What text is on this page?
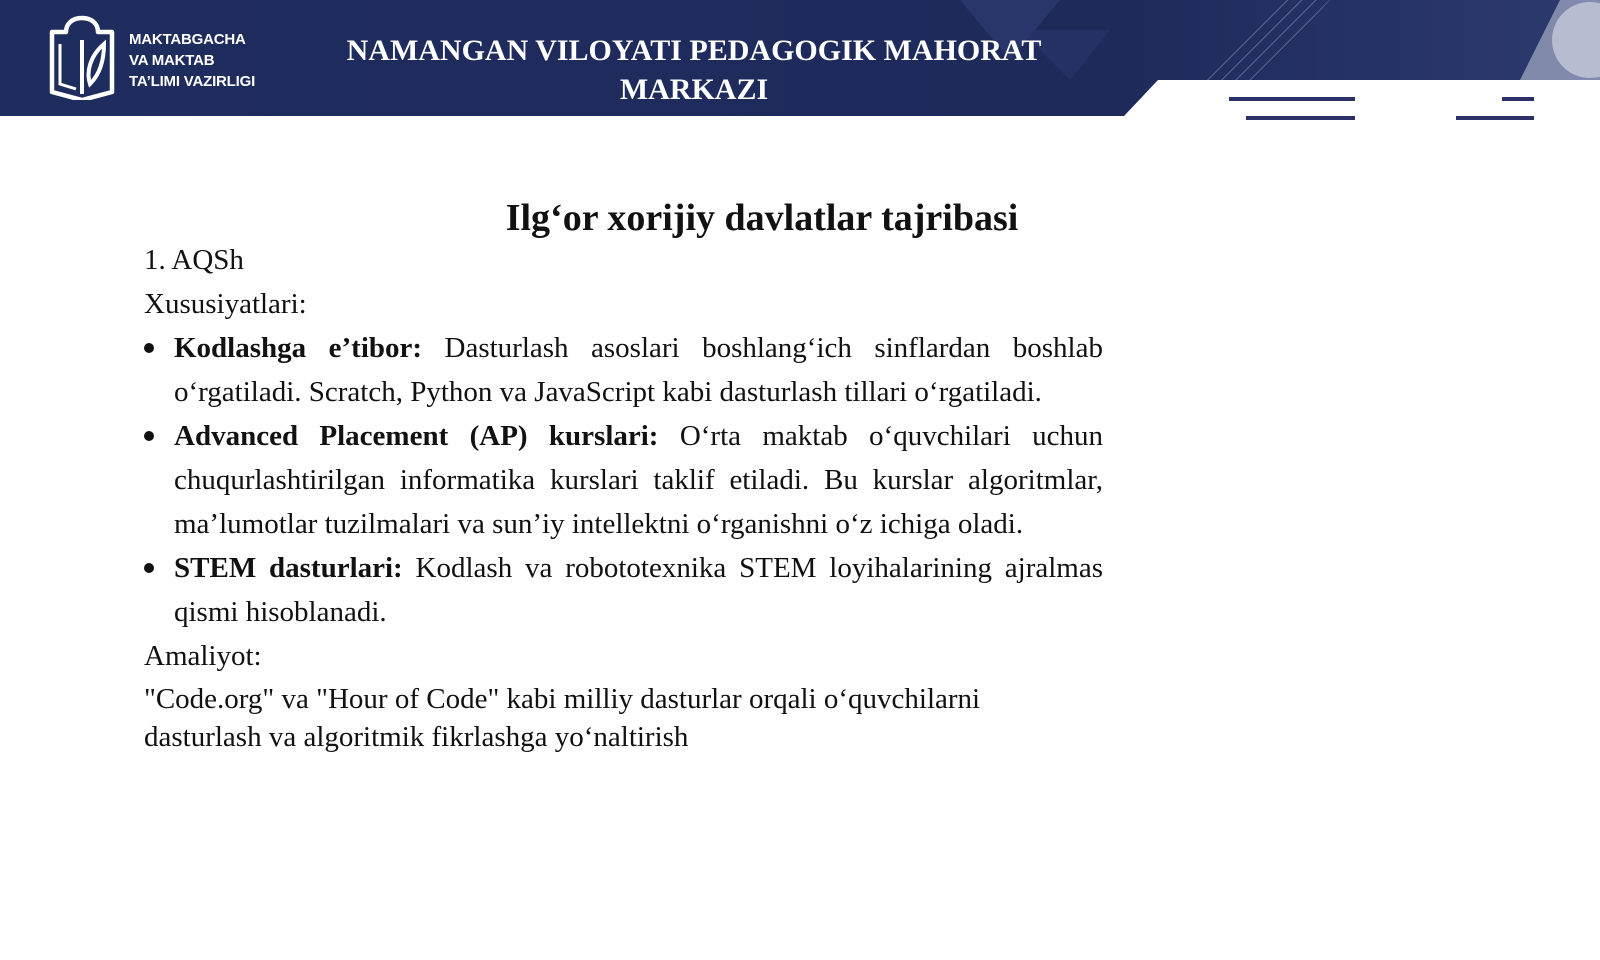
MAKTABGACHA
VA MAKTAB
TA’LIMI VAZIRLIGI
NAMANGAN VILOYATI PEDAGOGIK MAHORAT
MARKAZI
Ilg‘or xorijiy davlatlar tajribasi

1. AQSh

Xususiyatlari:

Kodlashga e’tibor: Dasturlash asoslari boshlang‘ich sinflardan boshlab o‘rgatiladi. Scratch, Python va JavaScript kabi dasturlash tillari o‘rgatiladi.
Advanced Placement (AP) kurslari: O‘rta maktab o‘quvchilari uchun chuqurlashtirilgan informatika kurslari taklif etiladi. Bu kurslar algoritmlar, ma’lumotlar tuzilmalari va sun’iy intellektni o‘rganishni o‘z ichiga oladi.
STEM dasturlari: Kodlash va robototexnika STEM loyihalarining ajralmas qismi hisoblanadi.

Amaliyot:

"Code.org" va "Hour of Code" kabi milliy dasturlar orqali o‘quvchilarni
dasturlash va algoritmik fikrlashga yo‘naltirish
